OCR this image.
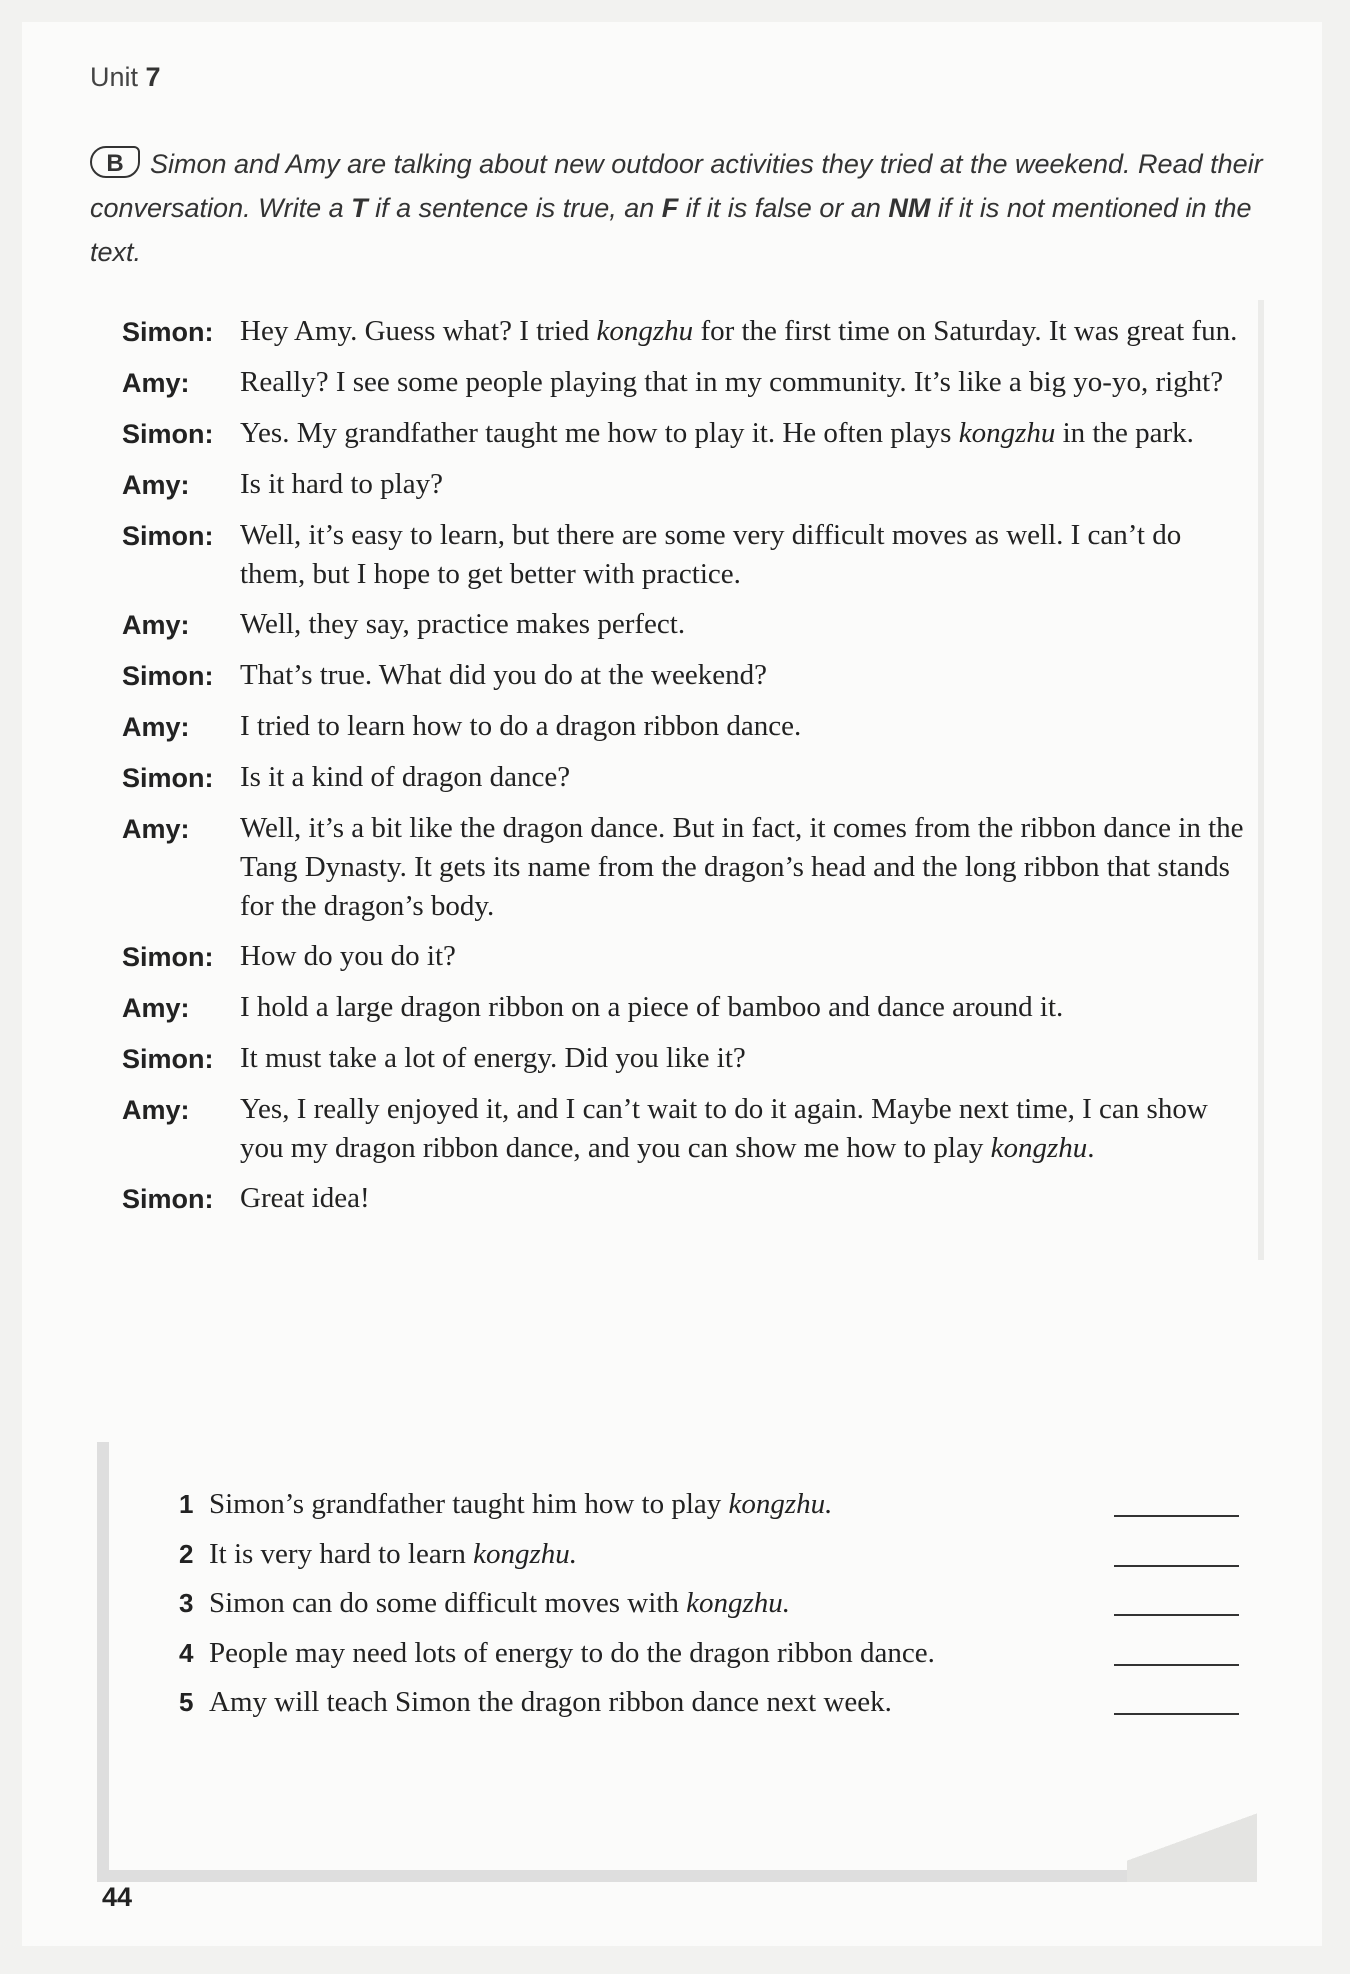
Unit 7
B Simon and Amy are talking about new outdoor activities they tried at the weekend. Read their conversation. Write a T if a sentence is true, an F if it is false or an NM if it is not mentioned in the text.
Simon: Hey Amy. Guess what? I tried kongzhu for the first time on Saturday. It was great fun.
Amy:	Really? I see some people playing that in my community. It’s like a big yo-yo, right?
Simon: Yes. My grandfather taught me how to play it. He often plays kongzhu in the park.
Amy:	Is it hard to play?
Simon: Well, it’s easy to learn, but there are some very difficult moves as well. I can’t do them, but I hope to get better with practice.
Amy:	Well, they say, practice makes perfect.
Simon: That’s true. What did you do at the weekend?
Amy:	I tried to learn how to do a dragon ribbon dance.
Simon: Is it a kind of dragon dance?
Amy:	Well, it’s a bit like the dragon dance. But in fact, it comes from the ribbon dance in the Tang Dynasty. It gets its name from the dragon’s head and the long ribbon that stands for the dragon’s body.
Simon: How do you do it?
Amy:	I hold a large dragon ribbon on a piece of bamboo and dance around it.
Simon: It must take a lot of energy. Did you like it?
Amy:	Yes, I really enjoyed it, and I can’t wait to do it again. Maybe next time, I can show you my dragon ribbon dance, and you can show me how to play kongzhu.
Simon: Great idea!
1 Simon’s grandfather taught him how to play kongzhu.
2 It is very hard to learn kongzhu.
3 Simon can do some difficult moves with kongzhu.
4 People may need lots of energy to do the dragon ribbon dance.
5 Amy will teach Simon the dragon ribbon dance next week.
44
